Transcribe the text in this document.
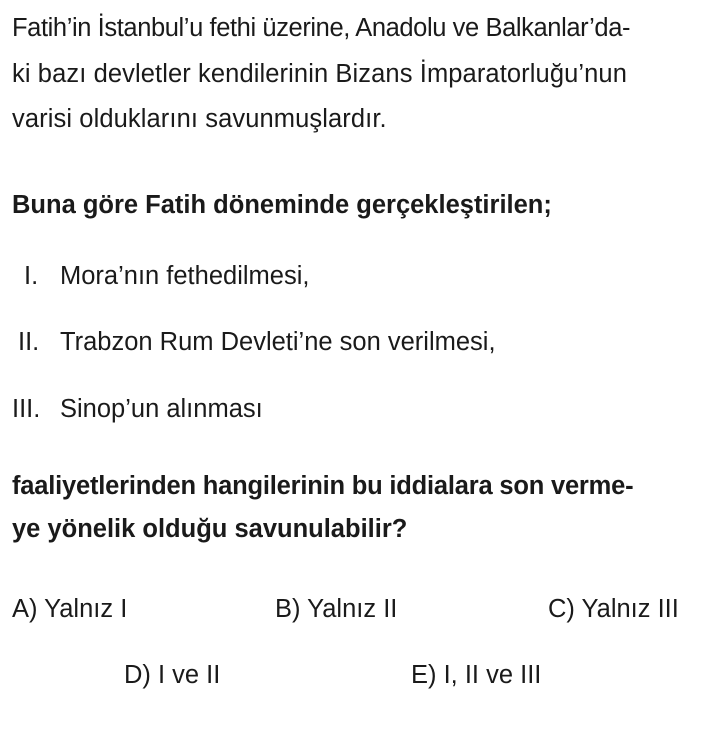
Fatih’in İstanbul’u fethi üzerine, Anadolu ve Balkanlar’da-
ki bazı devletler kendilerinin Bizans İmparatorluğu’nun
varisi olduklarını savunmuşlardır.
Buna göre Fatih döneminde gerçekleştirilen;
I. Mora’nın fethedilmesi,
II. Trabzon Rum Devleti’ne son verilmesi,
III. Sinop’un alınması
faaliyetlerinden hangilerinin bu iddialara son verme-
ye yönelik olduğu savunulabilir?
A) Yalnız I	B) Yalnız II	C) Yalnız III
D) I ve II	E) I, II ve III
